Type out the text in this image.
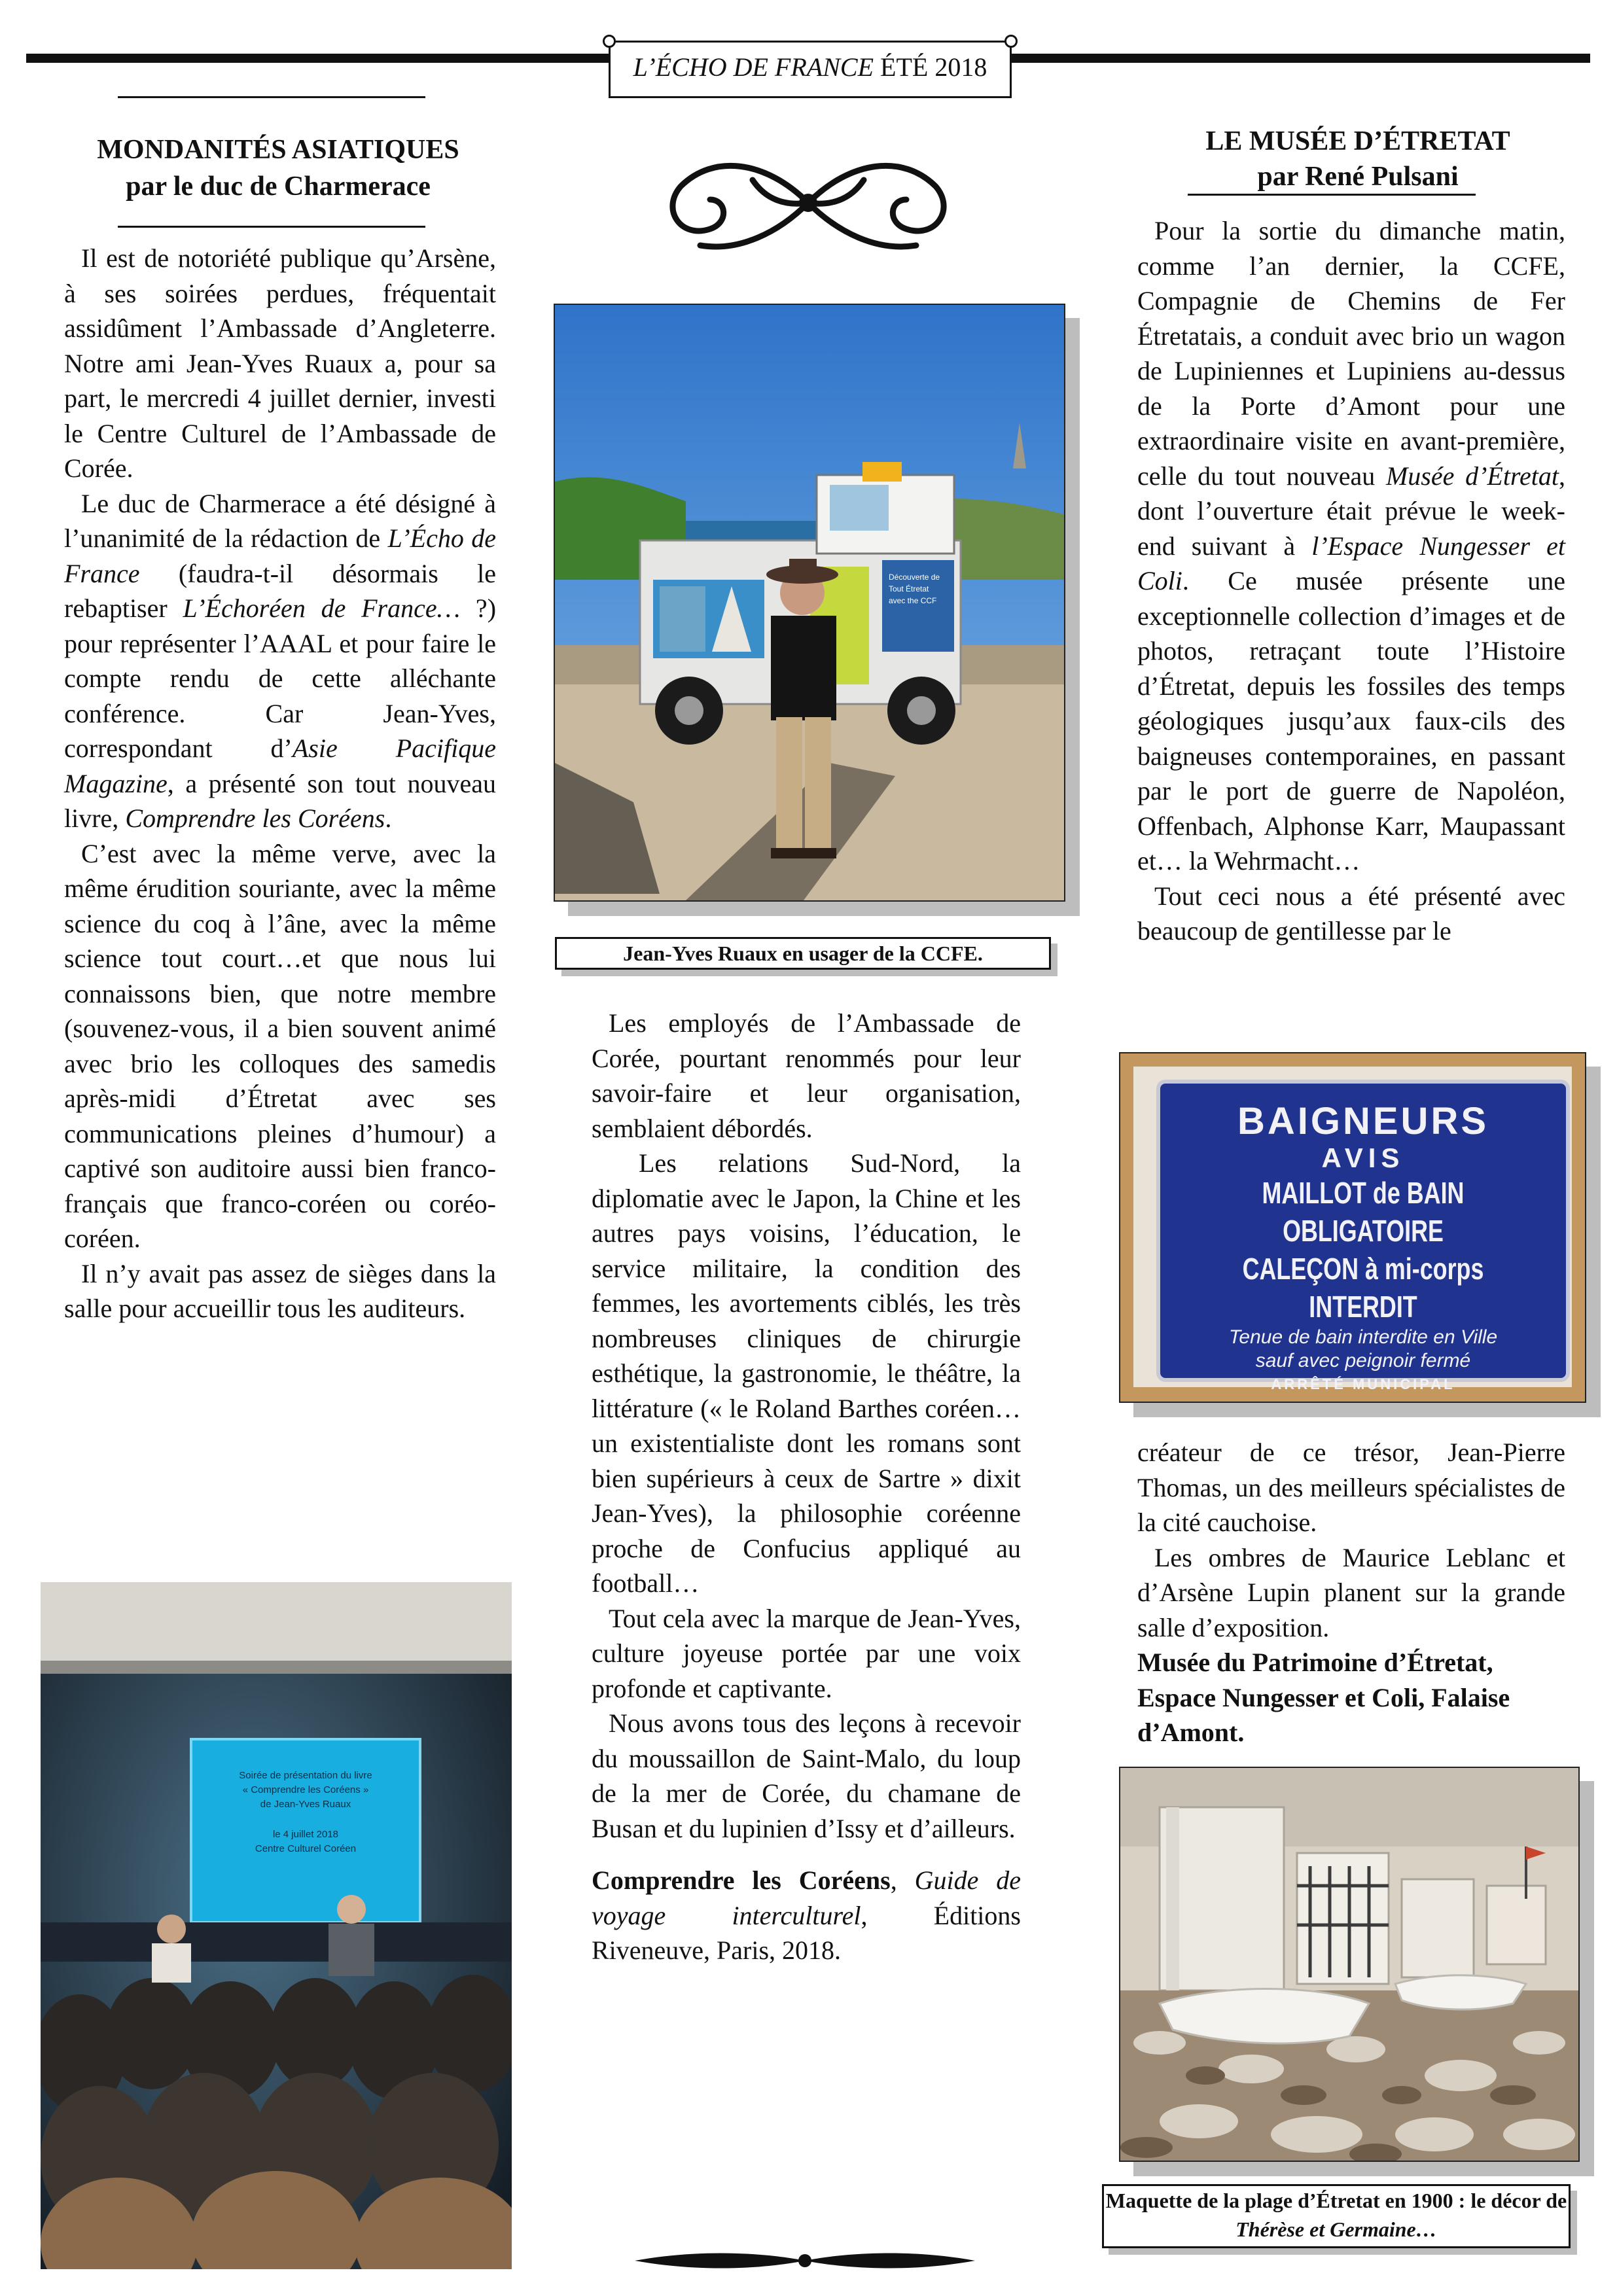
L’ÉCHO DE FRANCE ÉTÉ 2018
MONDANITÉS ASIATIQUES
par le duc de Charmerace

Il est de notoriété publique qu’Arsène, à ses soirées perdues, fréquentait assidûment l’Ambassade d’Angleterre. Notre ami Jean-Yves Ruaux a, pour sa part, le mercredi 4 juillet dernier, investi le Centre Culturel de l’Ambassade de Corée.

Le duc de Charmerace a été désigné à l’unanimité de la rédaction de L’Écho de France (faudra-t-il désormais le rebaptiser L’Échoréen de France… ?) pour représenter l’AAAL et pour faire le compte rendu de cette alléchante conférence. Car Jean-Yves, correspondant d’Asie Pacifique Magazine, a présenté son tout nouveau livre, Comprendre les Coréens.

C’est avec la même verve, avec la même érudition souriante, avec la même science du coq à l’âne, avec la même science tout court…et que nous lui connaissons bien, que notre membre (souvenez-vous, il a bien souvent animé avec brio les colloques des samedis après-midi d’Étretat avec ses communications pleines d’humour) a captivé son auditoire aussi bien franco-français que franco-coréen ou coréo-coréen.

Il n’y avait pas assez de sièges dans la salle pour accueillir tous les auditeurs.

Soirée de présentation du livre
« Comprendre les Coréens »
de Jean-Yves Ruaux
le 4 juillet 2018
Centre Culturel Coréen
Découverte de
Tout Étretat
avec the CCF
Jean-Yves Ruaux en usager de la CCFE.

Les employés de l’Ambassade de Corée, pourtant renommés pour leur savoir-faire et leur organisation, semblaient débordés.

Les relations Sud-Nord, la diplomatie avec le Japon, la Chine et les autres pays voisins, l’éducation, le service militaire, la condition des femmes, les avortements ciblés, les très nombreuses cliniques de chirurgie esthétique, la gastronomie, le théâtre, la littérature (« le Roland Barthes coréen… un existentialiste dont les romans sont bien supérieurs à ceux de Sartre » dixit Jean-Yves), la philosophie coréenne proche de Confucius appliqué au football…

Tout cela avec la marque de Jean-Yves, culture joyeuse portée par une voix profonde et captivante.

Nous avons tous des leçons à recevoir du moussaillon de Saint-Malo, du loup de la mer de Corée, du chamane de Busan et du lupinien d’Issy et d’ailleurs.

Comprendre les Coréens, Guide de voyage interculturel, Éditions Riveneuve, Paris, 2018.

LE MUSÉE D’ÉTRETAT
par René Pulsani

Pour la sortie du dimanche matin, comme l’an dernier, la CCFE, Compagnie de Chemins de Fer Étretatais, a conduit avec brio un wagon de Lupiniennes et Lupiniens au-dessus de la Porte d’Amont pour une extraordinaire visite en avant-première, celle du tout nouveau Musée d’Étretat, dont l’ouverture était prévue le week-end suivant à l’Espace Nungesser et Coli. Ce musée présente une exceptionnelle collection d’images et de photos, retraçant toute l’Histoire d’Étretat, depuis les fossiles des temps géologiques jusqu’aux faux-cils des baigneuses contemporaines, en passant par le port de guerre de Napoléon, Offenbach, Alphonse Karr, Maupassant et… la Wehrmacht…

Tout ceci nous a été présenté avec beaucoup de gentillesse par le

BAIGNEURS
AVIS
MAILLOT de BAIN OBLIGATOIRE
CALEÇON à mi-corps INTERDIT
Tenue de bain interdite en Ville
sauf avec peignoir fermé
ARRÊTÉ MUNICIPAL

créateur de ce trésor, Jean-Pierre Thomas, un des meilleurs spécialistes de la cité cauchoise.

Les ombres de Maurice Leblanc et d’Arsène Lupin planent sur la grande salle d’exposition.

Musée du Patrimoine d’Étretat, Espace Nungesser et Coli, Falaise d’Amont.

Maquette de la plage d’Étretat en 1900 : le décor de Thérèse et Germaine…
